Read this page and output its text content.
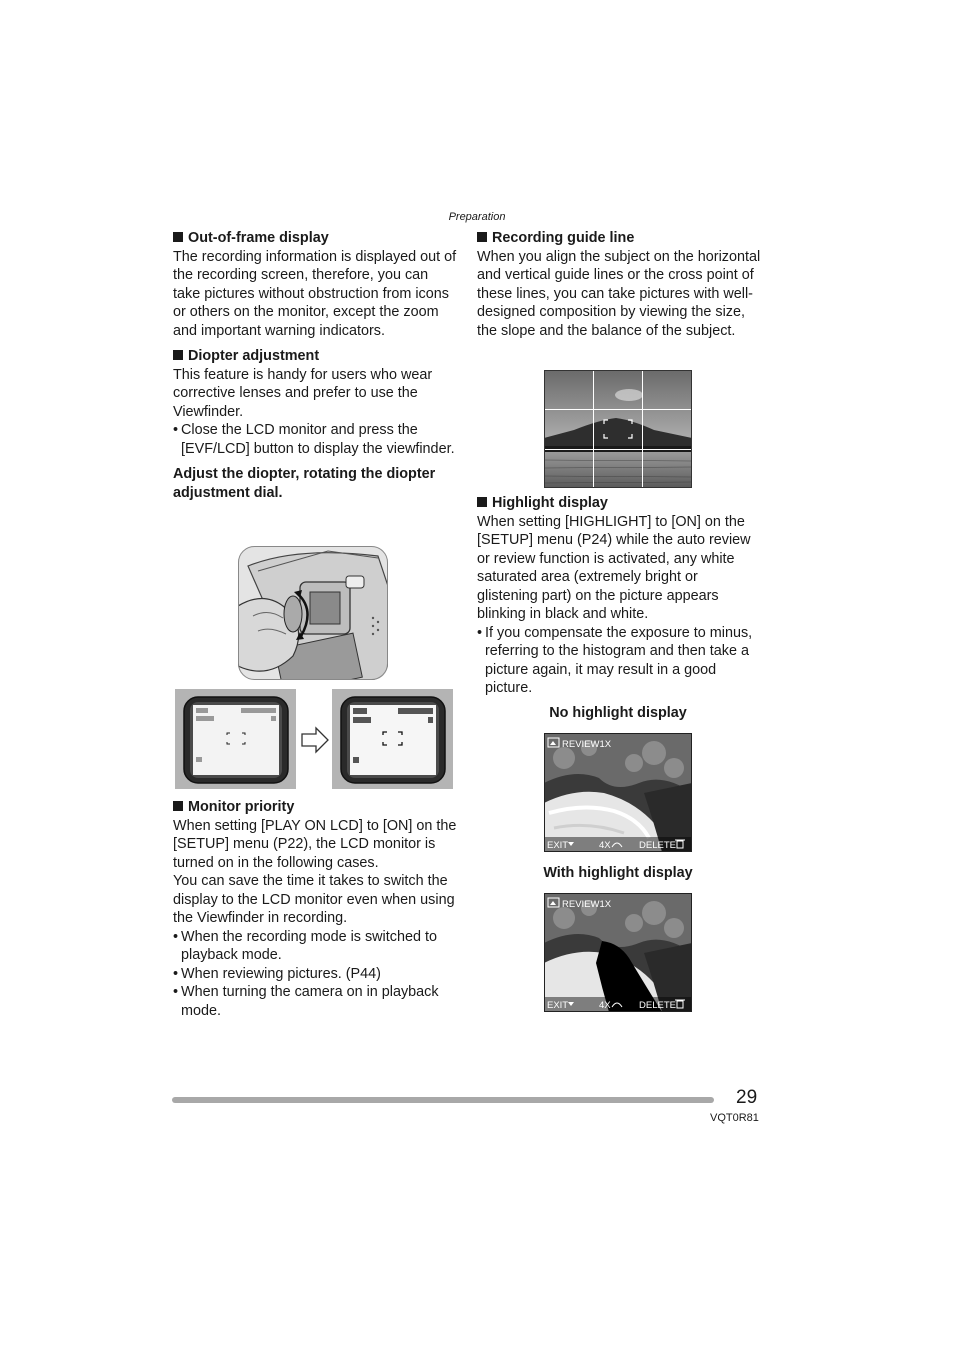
Preparation

Out-of-frame display

The recording information is displayed out of the recording screen, therefore, you can take pictures without obstruction from icons or others on the monitor, except the zoom and important warning indicators.

Diopter adjustment

This feature is handy for users who wear corrective lenses and prefer to use the Viewfinder.

• Close the LCD monitor and press the [EVF/LCD] button to display the viewfinder.

Adjust the diopter, rotating the diopter adjustment dial.

Monitor priority

When setting [PLAY ON LCD] to [ON] on the [SETUP] menu (P22), the LCD monitor is turned on in the following cases.

You can save the time it takes to switch the display to the LCD monitor even when using the Viewfinder in recording.

• When the recording mode is switched to playback mode.

• When reviewing pictures. (P44)

• When turning the camera on in playback mode.

Recording guide line

When you align the subject on the horizontal and vertical guide lines or the cross point of these lines, you can take pictures with well-designed composition by viewing the size, the slope and the balance of the subject.

Highlight display

When setting [HIGHLIGHT] to [ON] on the [SETUP] menu (P24) while the auto review or review function is activated, any white saturated area (extremely bright or glistening part) on the picture appears blinking in black and white.

• If you compensate the exposure to minus, referring to the histogram and then take a picture again, it may result in a good picture.

No highlight display
REVIEW1X
EXIT	4X	DELETE
With highlight display
REVIEW1X
EXIT	4X	DELETE
29
VQT0R81
